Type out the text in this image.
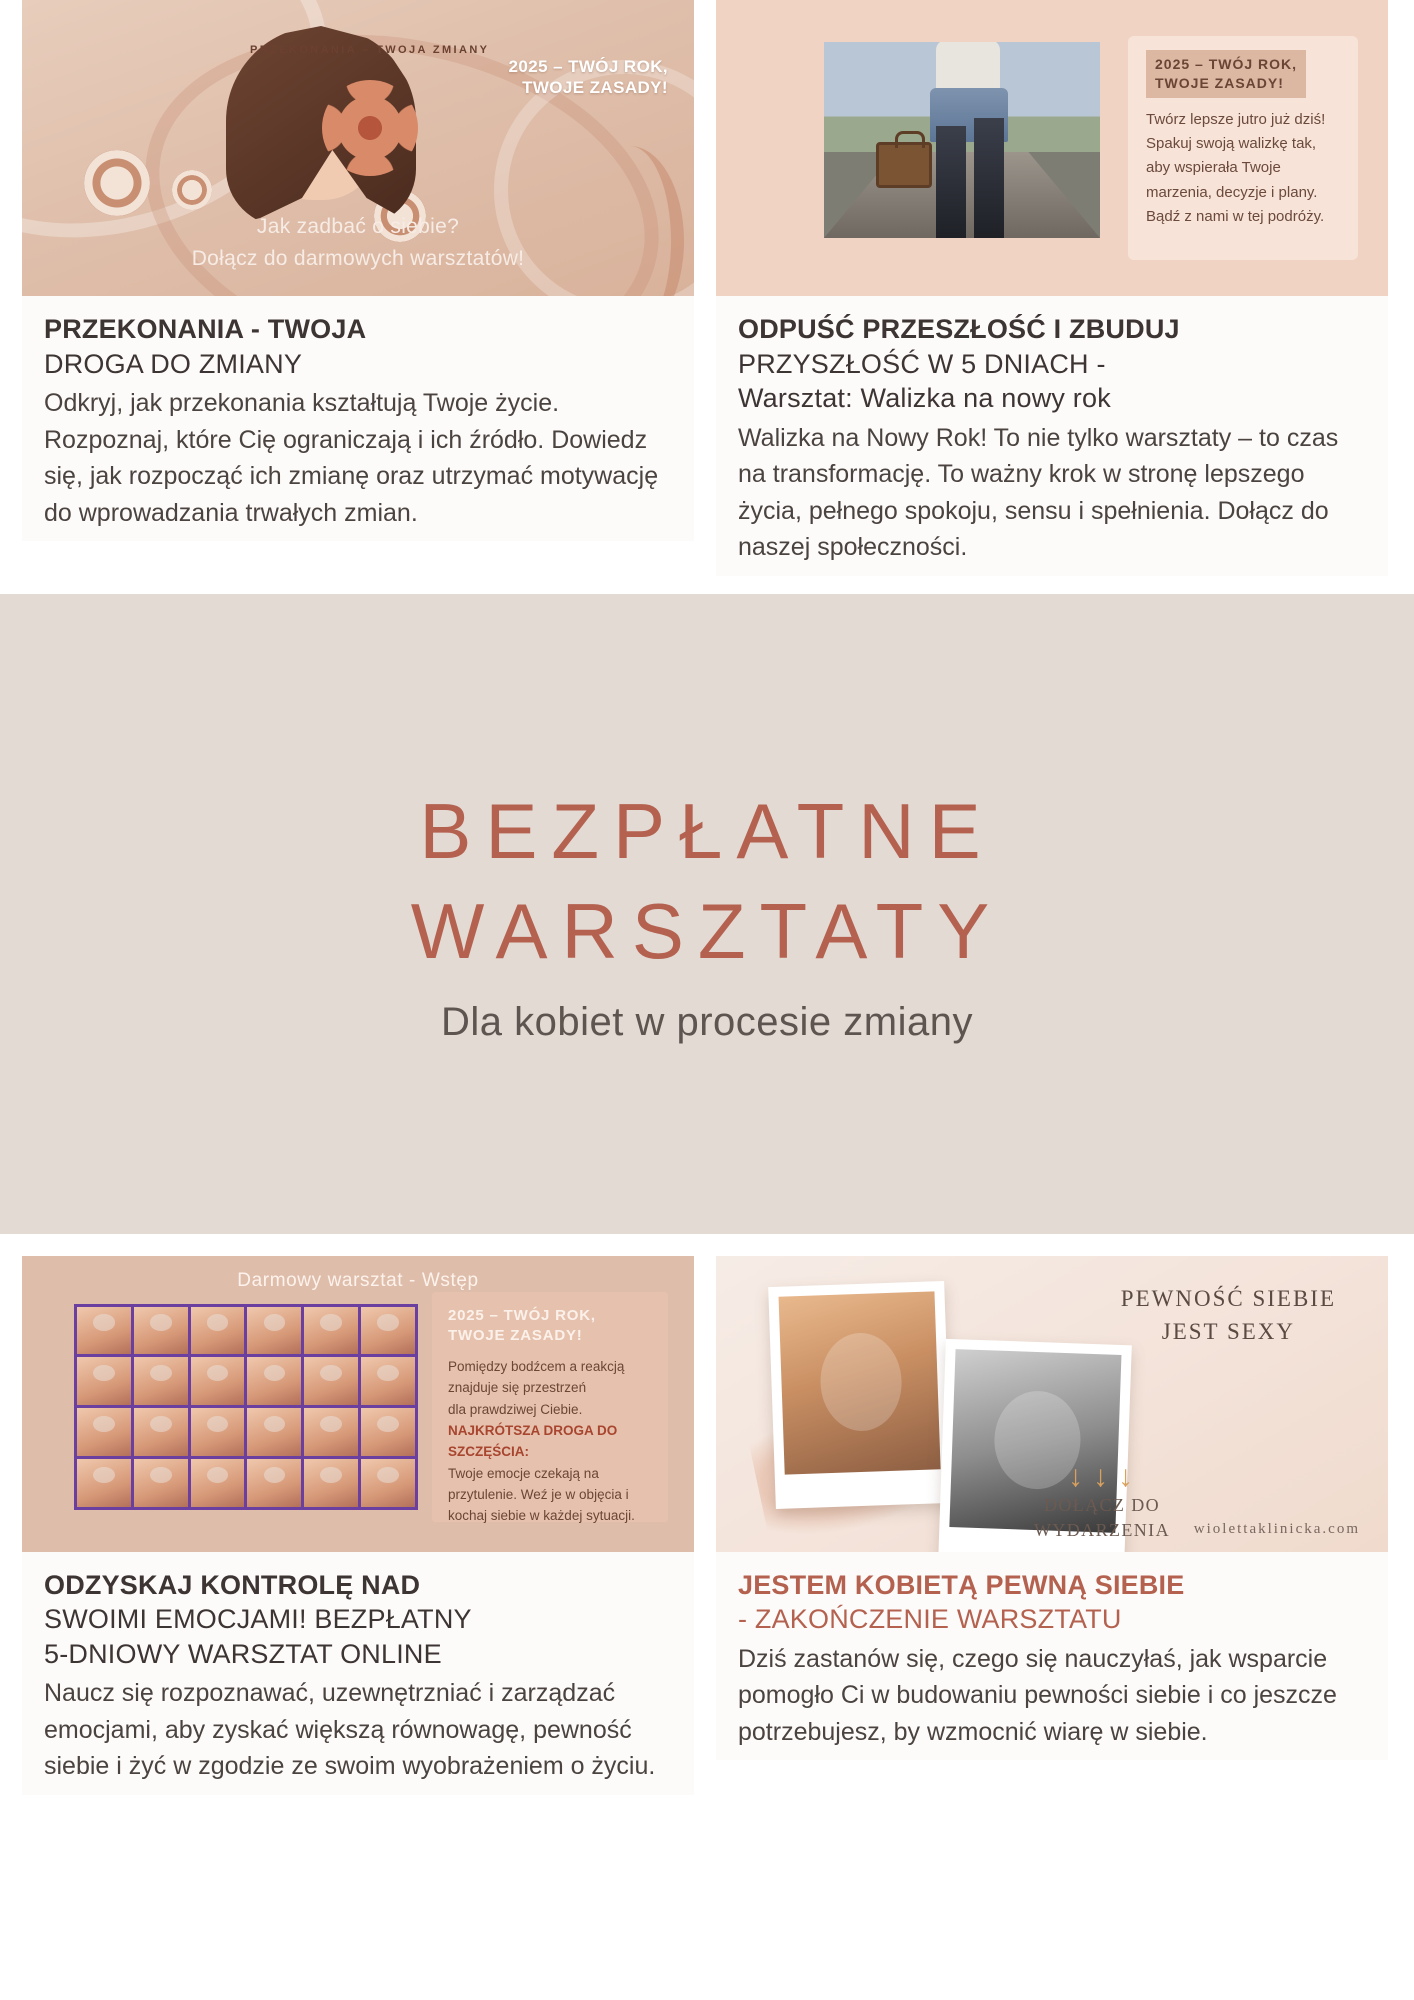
PRZEKONANIA – TWOJA ZMIANY
2025 – TWÓJ ROK,
TWOJE ZASADY!
Jak zadbać o siebie?
Dołącz do darmowych warsztatów!
PRZEKONANIA - TWOJA
DROGA DO ZMIANY

Odkryj, jak przekonania kształtują Twoje życie. Rozpoznaj, które Cię ograniczają i ich źródło. Dowiedz się, jak rozpocząć ich zmianę oraz utrzymać motywację do wprowadzania trwałych zmian.

2025 – TWÓJ ROK,
TWOJE ZASADY!
Twórz lepsze jutro już dziś! Spakuj swoją walizkę tak, aby wspierała Twoje marzenia, decyzje i plany. Bądź z nami w tej podróży.
ODPUŚĆ PRZESZŁOŚĆ I ZBUDUJ
PRZYSZŁOŚĆ W 5 DNIACH -
Warsztat: Walizka na nowy rok

Walizka na Nowy Rok! To nie tylko warsztaty – to czas na transformację. To ważny krok w stronę lepszego życia, pełnego spokoju, sensu i spełnienia. Dołącz do naszej społeczności.

BEZPŁATNE
WARSZTATY
Dla kobiet w procesie zmiany
Darmowy warsztat - Wstęp
2025 – TWÓJ ROK,
TWOJE ZASADY!
Pomiędzy bodźcem a reakcją
znajduje się przestrzeń
dla prawdziwej Ciebie.
NAJKRÓTSZA DROGA DO SZCZĘŚCIA:
Twoje emocje czekają na
przytulenie. Weź je w objęcia i
kochaj siebie w każdej sytuacji.
ODZYSKAJ KONTROLĘ NAD
SWOIMI EMOCJAMI! BEZPŁATNY
5-DNIOWY WARSZTAT ONLINE

Naucz się rozpoznawać, uzewnętrzniać i zarządzać emocjami, aby zyskać większą równowagę, pewność siebie i żyć w zgodzie ze swoim wyobrażeniem o życiu.

PEWNOŚĆ SIEBIE
JEST SEXY
↓↓↓
DOŁĄCZ DO
WYDARZENIA wiolettaklinicka.com
JESTEM KOBIETĄ PEWNĄ SIEBIE
- ZAKOŃCZENIE WARSZTATU

Dziś zastanów się, czego się nauczyłaś, jak wsparcie pomogło Ci w budowaniu pewności siebie i co jeszcze potrzebujesz, by wzmocnić wiarę w siebie.
